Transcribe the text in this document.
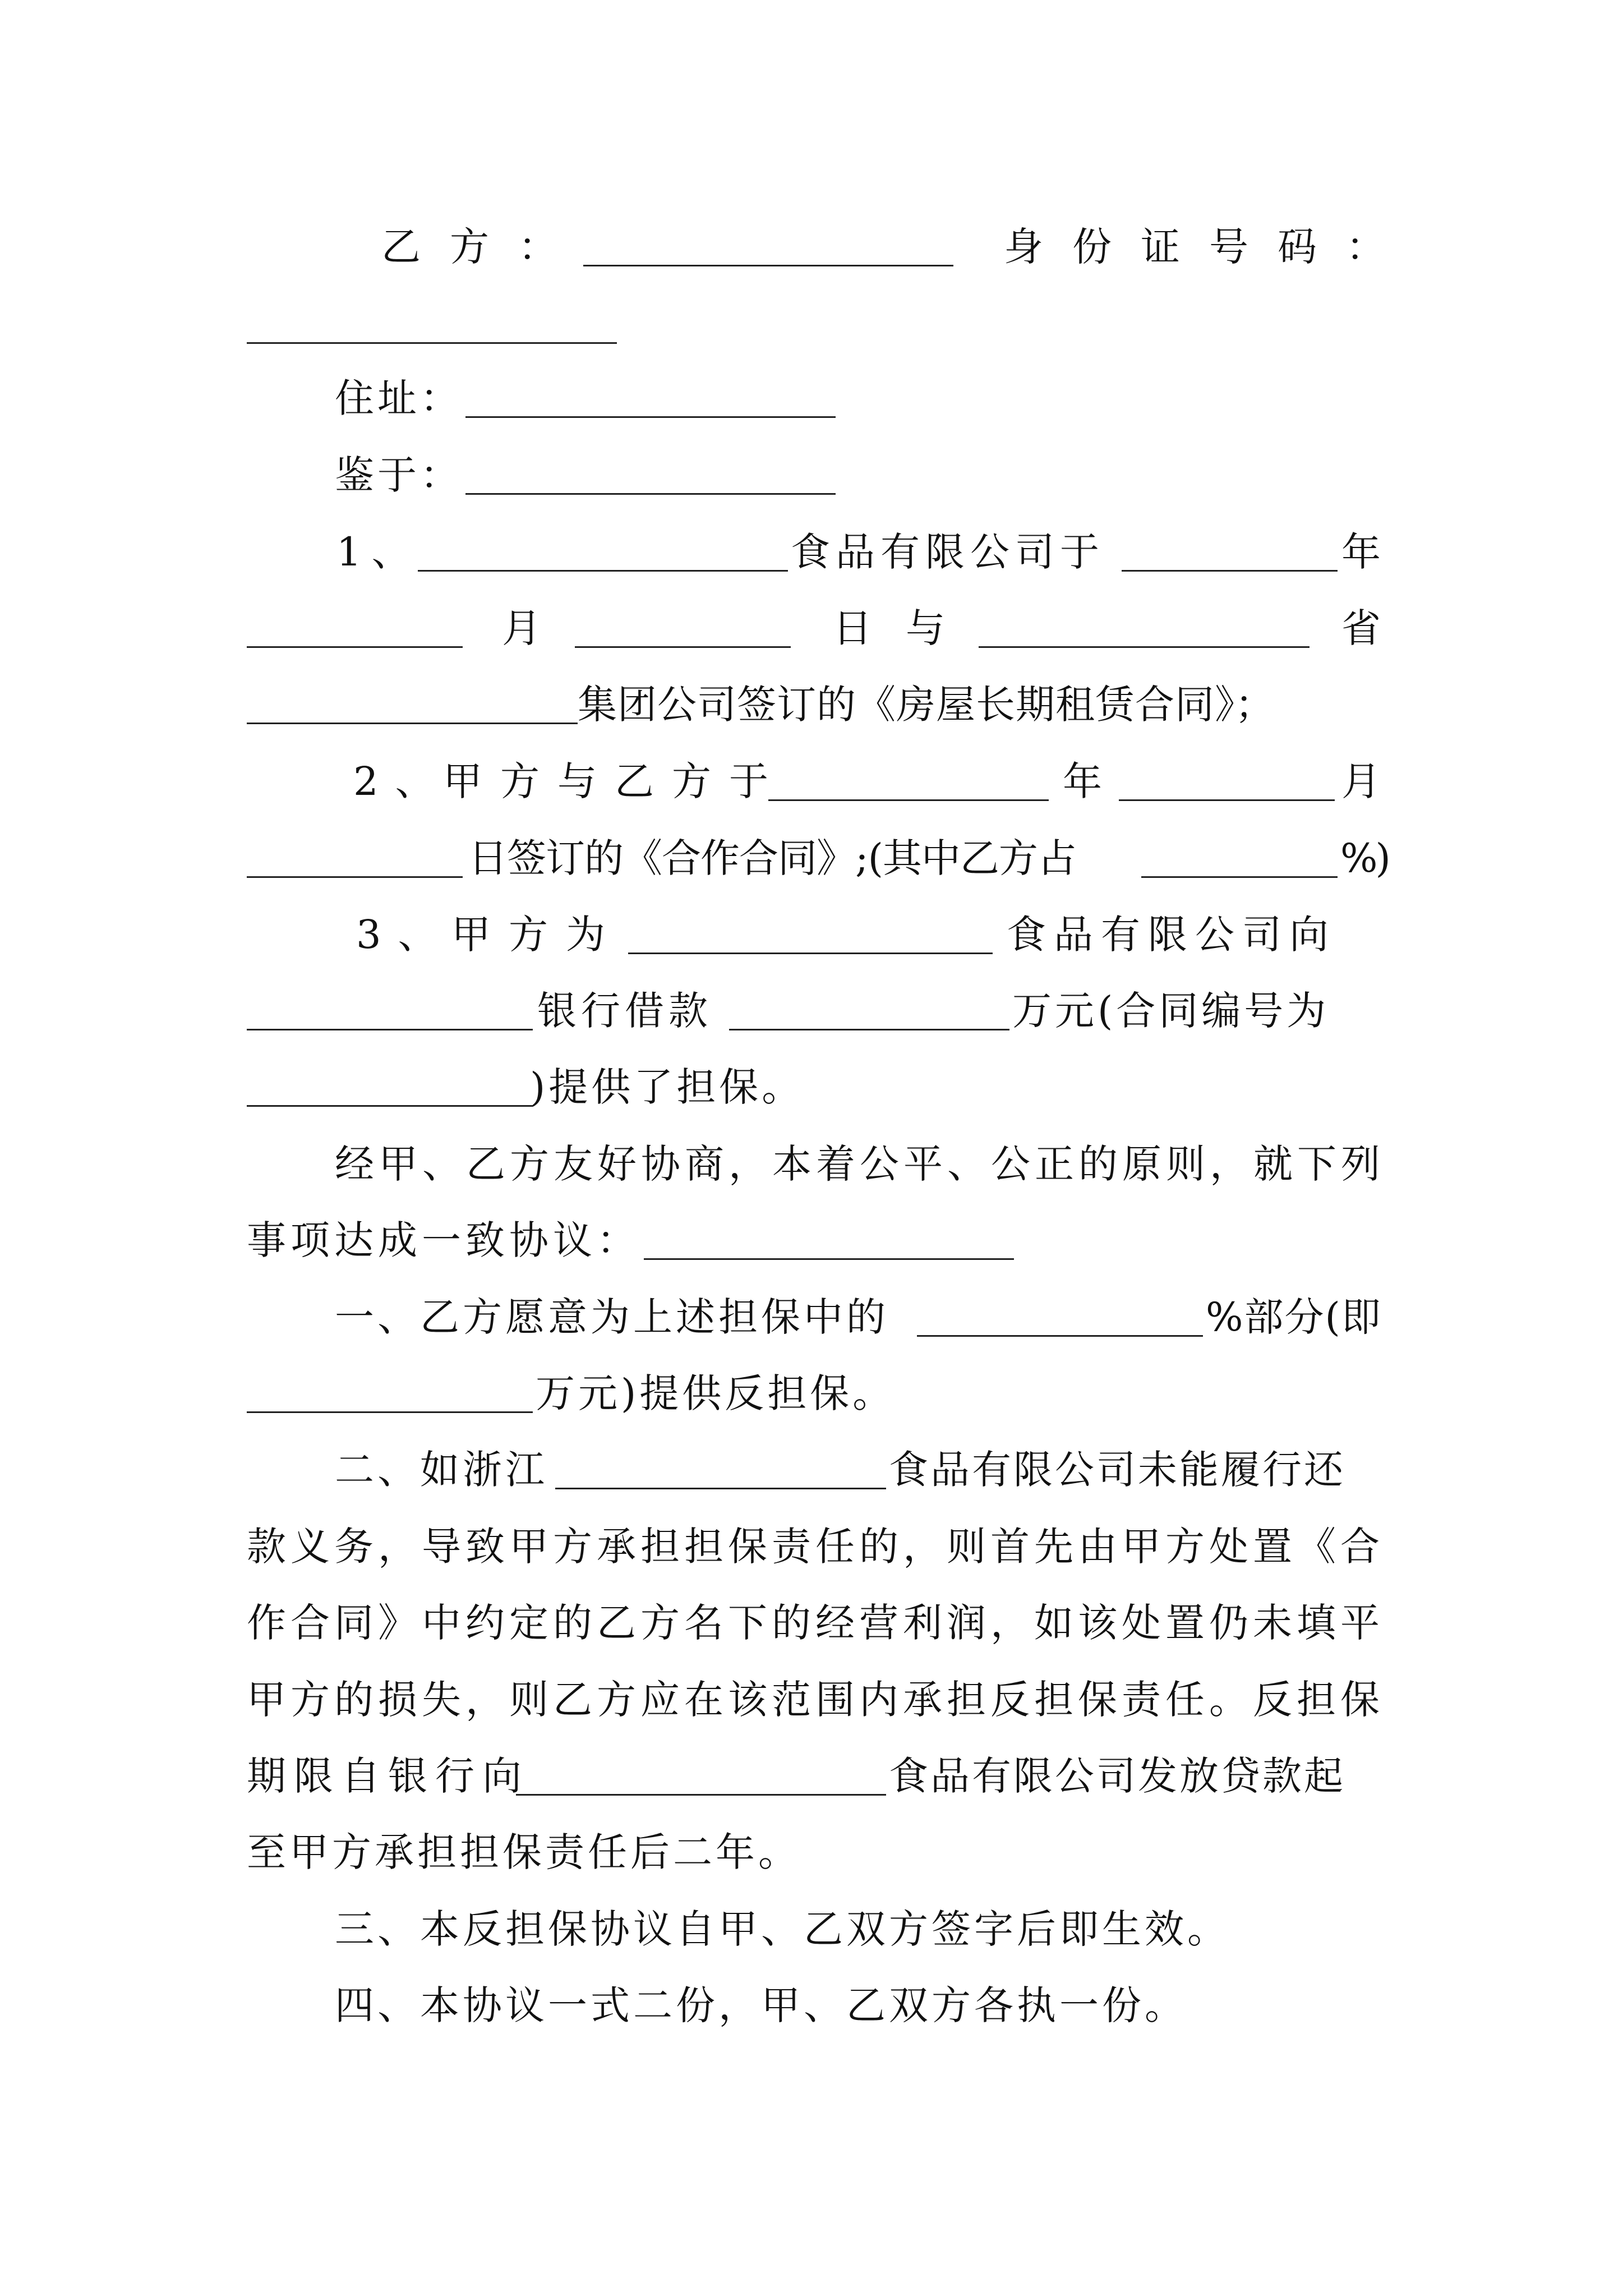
乙方：	身份证号码：
住址：
鉴于：
1、	食品有限公司于	年
月	日 与	省
集团公司签订的《房屋长期租赁合同》；
2、
甲方与乙方于	年	月
日签订的《合作合同》;(其中乙方占	%)
3、
甲方为	食品有限公司向
银行借款	万元(合同编号为
)提供了担保。
经甲、乙方友好协商，本着公平、公正的原则，就下列
事项达成一致协议：
一、乙方愿意为上述担保中的	%部分(即
万元)提供反担保。
二、如浙江	食品有限公司未能履行还
款义务，导致甲方承担担保责任的，则首先由甲方处置《合
作合同》中约定的乙方名下的经营利润，如该处置仍未填平
甲方的损失，则乙方应在该范围内承担反担保责任。反担保
期限自银行向	食品有限公司发放贷款起
至甲方承担担保责任后二年。
三、本反担保协议自甲、乙双方签字后即生效。
四、本协议一式二份，甲、乙双方各执一份。
